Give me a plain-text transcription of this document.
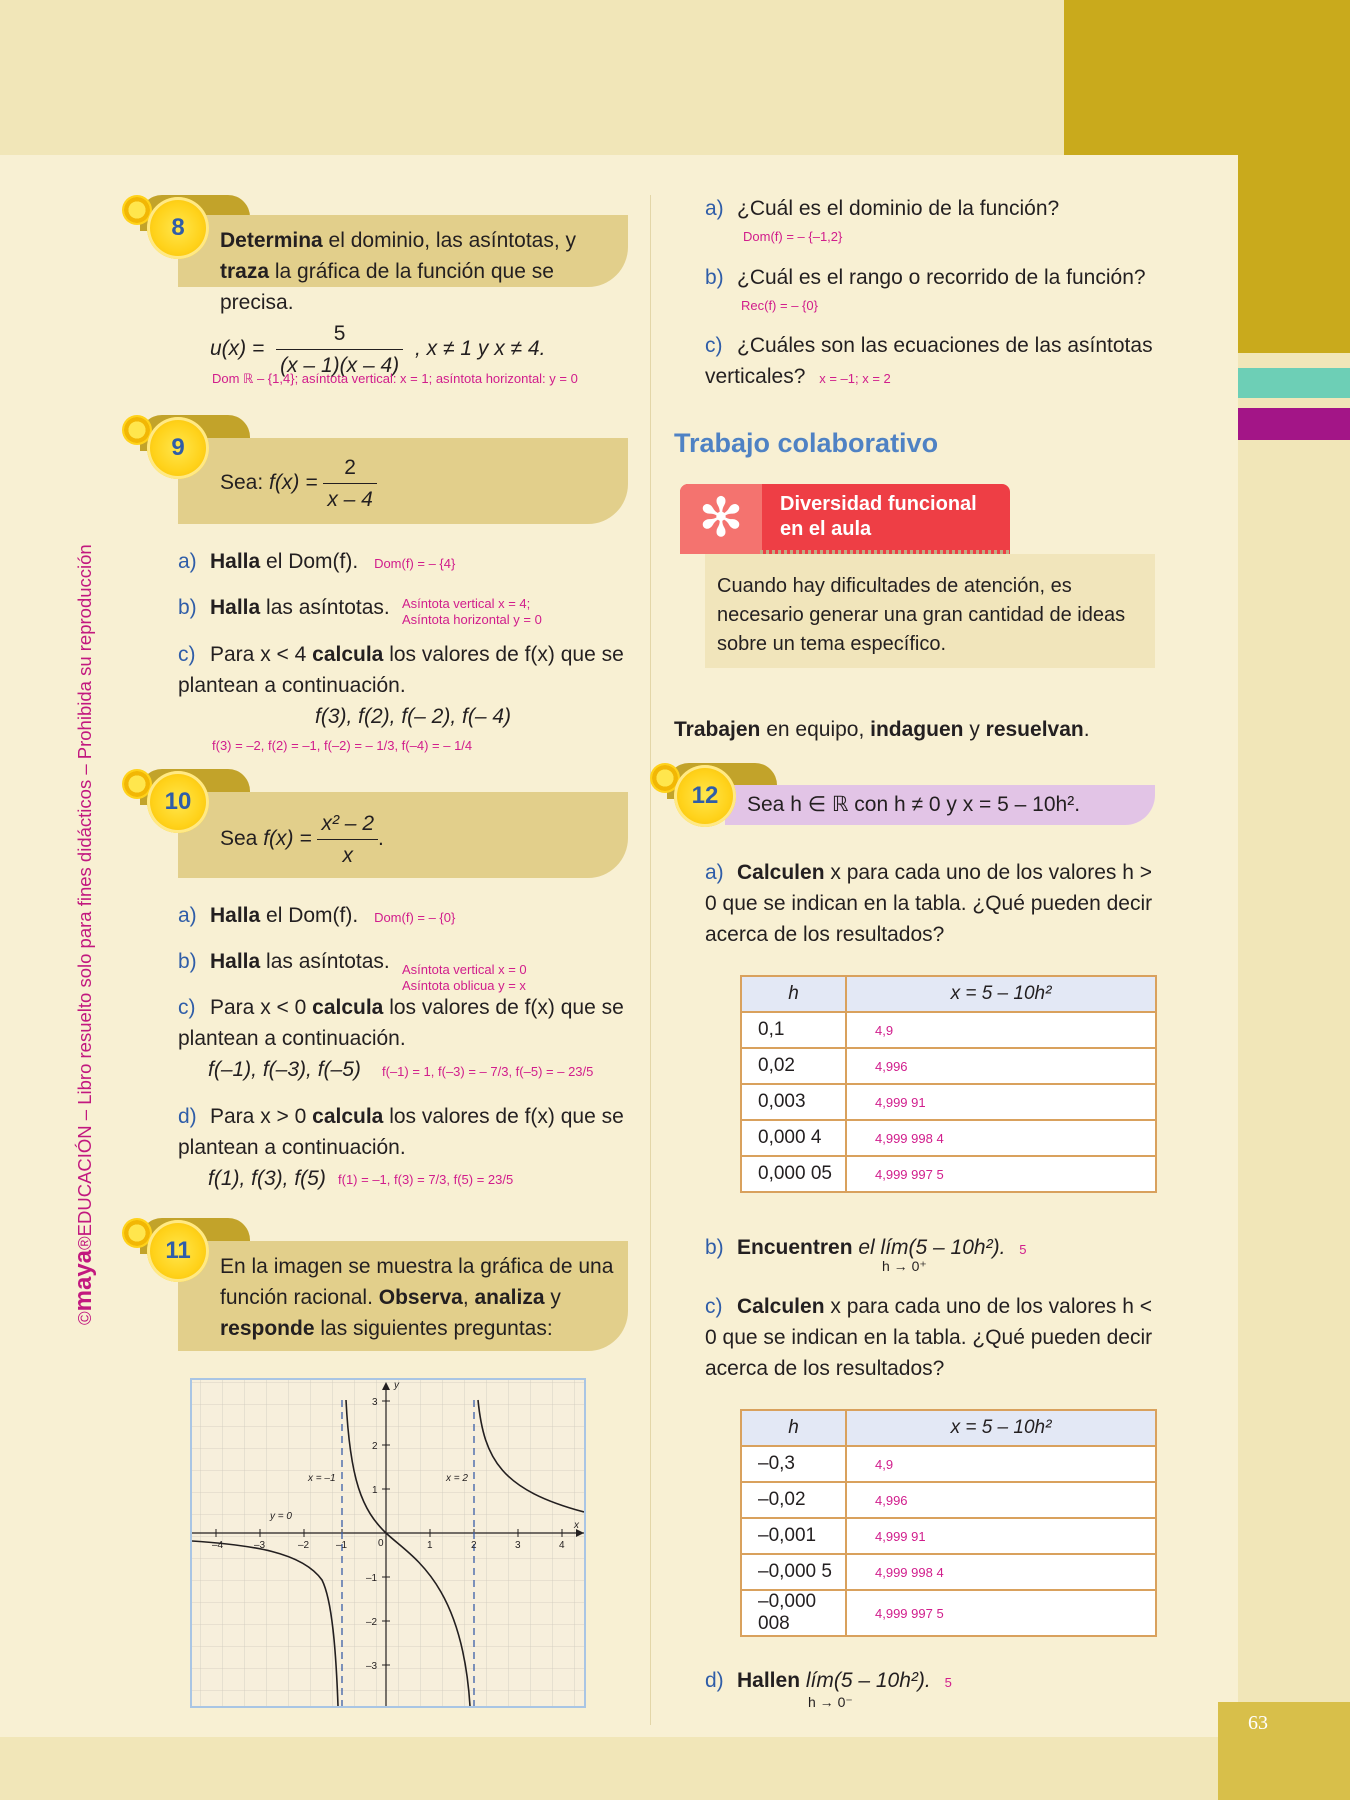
63
©maya®EDUCACIÓN – Libro resuelto solo para fines didácticos – Prohibida su reproducción

Determina el dominio, las asíntotas, y traza la gráfica de la función que se precisa.

8
$u(x) = \frac{5}{(x - 1)(x - 4)}$ , x ≠ 1 y x ≠ 4.
Dom ℝ – {1,4}; asíntota vertical: x = 1; asíntota horizontal: y = 0
Sea: $f(x) = \frac{2}{x - 4}$
9
a) Halla el Dom(f). Dom(f) = – {4}
b) Halla las asíntotas. Asíntota vertical x = 4;
Asíntota horizontal y = 0
c) Para x < 4 calcula los valores de f(x) que se plantean a continuación.
f(3), f(2), f(– 2), f(– 4)
f(3) = –2, f(2) = –1, f(–2) = – 1/3, f(–4) = – 1/4
Sea $f(x) = \frac{\text{x² – 2}}{x}$ .
10
a) Halla el Dom(f). Dom(f) = – {0}
b) Halla las asíntotas. Asíntota vertical x = 0
Asíntota oblicua y = x
c) Para x < 0 calcula los valores de f(x) que se plantean a continuación.
f(–1), f(–3), f(–5) f(–1) = 1, f(–3) = – 7/3, f(–5) = – 23/5
d) Para x > 0 calcula los valores de f(x) que se plantean a continuación.
f(1), f(3), f(5) f(1) = –1, f(3) = 7/3, f(5) = 23/5

En la imagen se muestra la gráfica de una función racional. Observa, analiza y responde las siguientes preguntas:

11
–4	–3	–2	–1	0	1	2	3	4
3
2
1
–1
–2
–3
x
y
x = –1	x = 2
y = 0
a) ¿Cuál es el dominio de la función?
Dom(f) = – {–1,2}
b) ¿Cuál es el rango o recorrido de la función?
Rec(f) = – {0}
c) ¿Cuáles son las ecuaciones de las asíntotas verticales? x = –1; x = 2
Trabajo colaborativo
✻	Diversidad funcional
en el aula

Cuando hay dificultades de atención, es necesario generar una gran cantidad de ideas sobre un tema específico.

Trabajen en equipo, indaguen y resuelvan.
Sea h ∈ ℝ con h ≠ 0 y x = 5 – 10h².
12
a) Calculen x para cada uno de los valores h > 0 que se indican en la tabla. ¿Qué pueden decir acerca de los resultados?
h	x = 5 – 10h²
0,1	4,9
0,02	4,996
0,003	4,999 91
0,000 4	4,999 998 4
0,000 05	4,999 997 5
b) Encuentren el lím(5 – 10h²). 5
h → 0⁺
c) Calculen x para cada uno de los valores h < 0 que se indican en la tabla. ¿Qué pueden decir acerca de los resultados?
h	x = 5 – 10h²
–0,3	4,9
–0,02	4,996
–0,001	4,999 91
–0,000 5	4,999 998 4
–0,000 008	4,999 997 5
d) Hallen lím(5 – 10h²). 5
h → 0⁻
